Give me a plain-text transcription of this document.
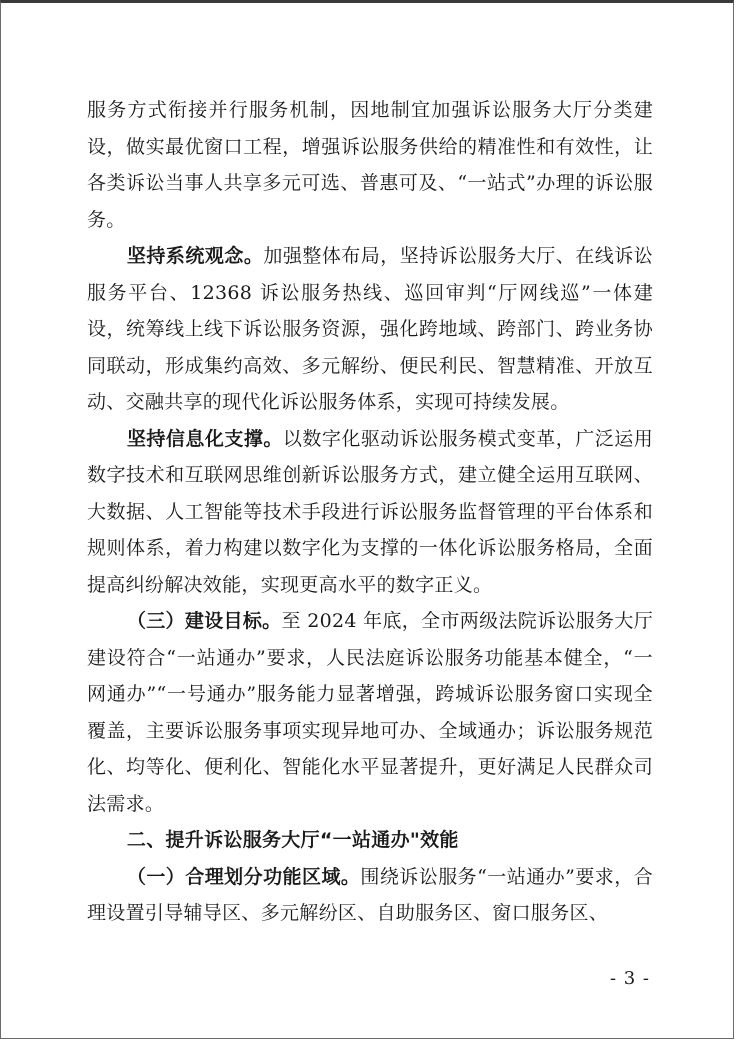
服务方式衔接并行服务机制，因地制宜加强诉讼服务大厅分类建设，做实最优窗口工程，增强诉讼服务供给的精准性和有效性，让各类诉讼当事人共享多元可选、普惠可及、“一站式”办理的诉讼服务。

坚持系统观念。加强整体布局，坚持诉讼服务大厅、在线诉讼服务平台、12368 诉讼服务热线、巡回审判“厅网线巡”一体建设，统筹线上线下诉讼服务资源，强化跨地域、跨部门、跨业务协同联动，形成集约高效、多元解纷、便民利民、智慧精准、开放互动、交融共享的现代化诉讼服务体系，实现可持续发展。

坚持信息化支撑。以数字化驱动诉讼服务模式变革，广泛运用数字技术和互联网思维创新诉讼服务方式，建立健全运用互联网、大数据、人工智能等技术手段进行诉讼服务监督管理的平台体系和规则体系，着力构建以数字化为支撑的一体化诉讼服务格局，全面提高纠纷解决效能，实现更高水平的数字正义。

（三）建设目标。至 2024 年底，全市两级法院诉讼服务大厅建设符合“一站通办”要求，人民法庭诉讼服务功能基本健全，“一网通办”“一号通办”服务能力显著增强，跨城诉讼服务窗口实现全覆盖，主要诉讼服务事项实现异地可办、全域通办；诉讼服务规范化、均等化、便利化、智能化水平显著提升，更好满足人民群众司法需求。

二、提升诉讼服务大厅“一站通办"效能

（一）合理划分功能区域。围绕诉讼服务“一站通办”要求，合理设置引导辅导区、多元解纷区、自助服务区、窗口服务区、

- 3 -
